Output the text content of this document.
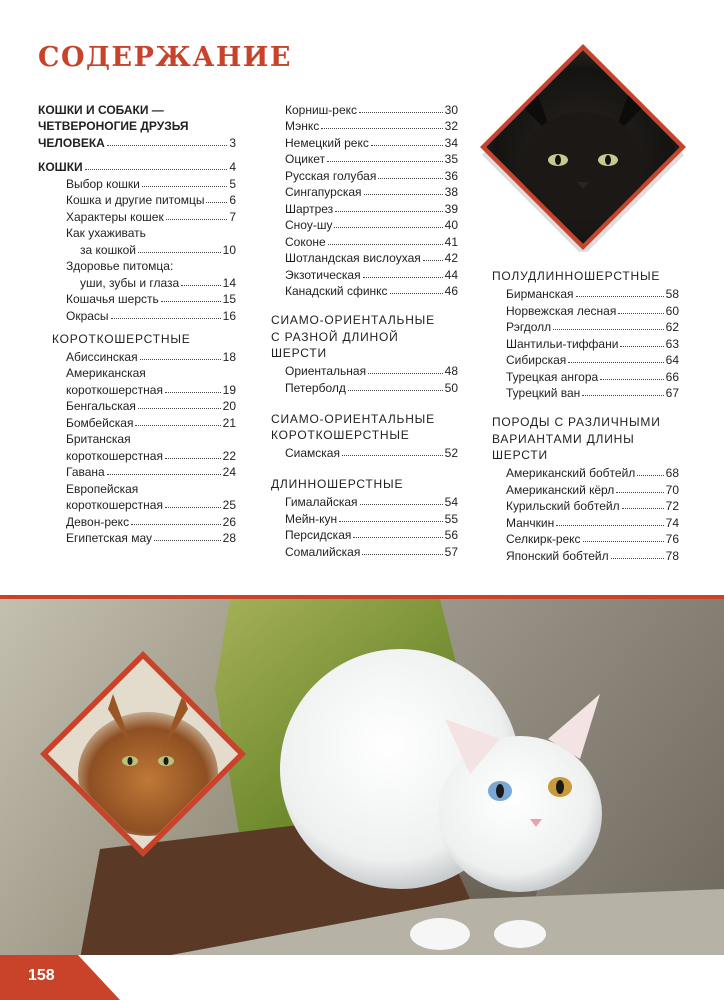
СОДЕРЖАНИЕ
КОШКИ И СОБАКИ —
ЧЕТВЕРОНОГИЕ ДРУЗЬЯ
ЧЕЛОВЕКА	3
КОШКИ	4
Выбор кошки	5
Кошка и другие питомцы 6
Характеры кошек	7
Как ухаживать
за кошкой	10
Здоровье питомца:
уши, зубы и глаза	14
Кошачья шерсть	15
Окрасы	16
КОРОТКОШЕРСТНЫЕ
Абиссинская	18
Американская
короткошерстная	19
Бенгальская	20
Бомбейская	21
Британская
короткошерстная	22
Гавана	24
Европейская
короткошерстная	25
Девон-рекс	26
Египетская мау	28
Корниш-рекс	30
Мэнкс	32
Немецкий рекс	34
Оцикет	35
Русская голубая	36
Сингапурская	38
Шартрез	39
Сноу-шу	40
Соконе	41
Шотландская вислоухая 42
Экзотическая	44
Канадский сфинкс	46
СИАМО-ОРИЕНТАЛЬНЫЕ
С РАЗНОЙ ДЛИНОЙ
ШЕРСТИ
Ориентальная	48
Петерболд	50
СИАМО-ОРИЕНТАЛЬНЫЕ
КОРОТКОШЕРСТНЫЕ
Сиамская	52
ДЛИННОШЕРСТНЫЕ
Гималайская	54
Мейн-кун	55
Персидская	56
Сомалийская	57
ПОЛУДЛИННОШЕРСТНЫЕ
Бирманская	58
Норвежская лесная	60
Рэгдолл	62
Шантильи-тиффани	63
Сибирская	64
Турецкая ангора	66
Турецкий ван	67
ПОРОДЫ С РАЗЛИЧНЫМИ
ВАРИАНТАМИ ДЛИНЫ
ШЕРСТИ
Американский бобтейл	68
Американский кёрл	70
Курильский бобтейл	72
Манчкин	74
Селкирк-рекс	76
Японский бобтейл	78
158
